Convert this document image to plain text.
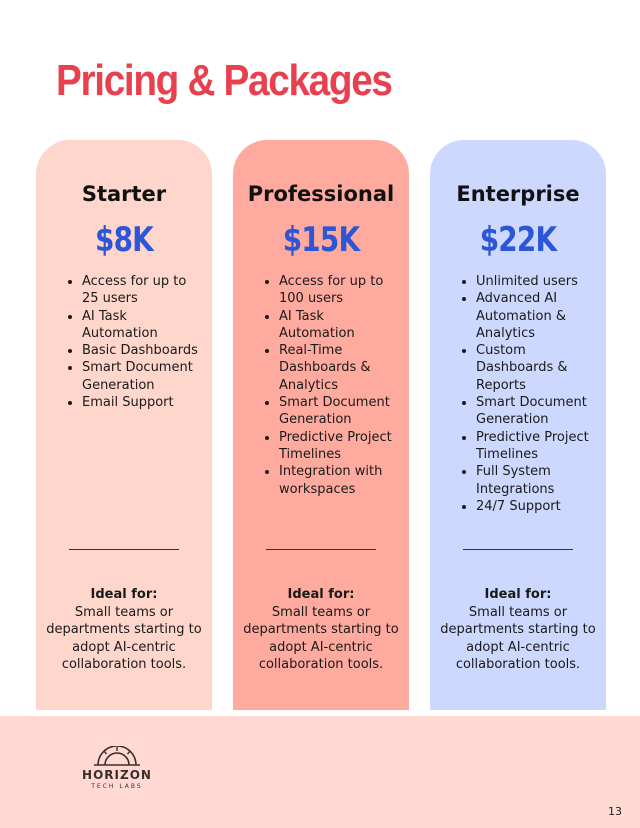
Pricing & Packages
Starter
$8K
• Access for up to 25 users
• AI Task Automation
• Basic Dashboards
• Smart Document Generation
• Email Support
Ideal for:
Small teams or departments starting to adopt AI-centric collaboration tools.
Professional
$15K
• Access for up to 100 users
• AI Task Automation
• Real-Time Dashboards & Analytics
• Smart Document Generation
• Predictive Project Timelines
• Integration with workspaces
Ideal for:
Small teams or departments starting to adopt AI-centric collaboration tools.
Enterprise
$22K
• Unlimited users
• Advanced AI Automation & Analytics
• Custom Dashboards & Reports
• Smart Document Generation
• Predictive Project Timelines
• Full System Integrations
• 24/7 Support
Ideal for:
Small teams or departments starting to adopt AI-centric collaboration tools.
HORIZON
TECH LABS
13
